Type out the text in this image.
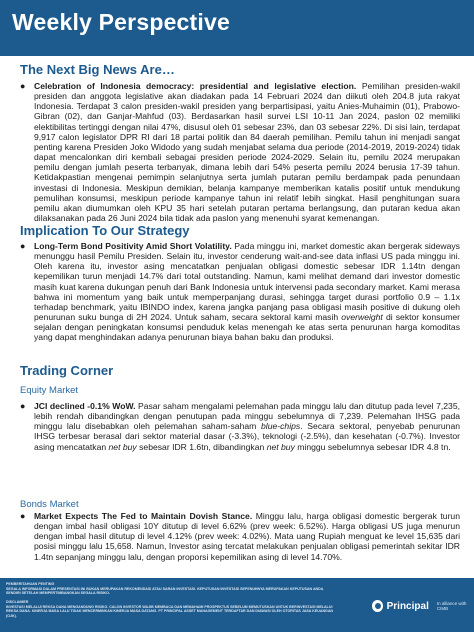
Weekly Perspective
The Next Big News Are…
● Celebration of Indonesia democracy: presidential and legislative election. Pemilihan presiden-wakil presiden dan anggota legislative akan diadakan pada 14 Februari 2024 dan diikuti oleh 204.8 juta rakyat Indonesia. Terdapat 3 calon presiden-wakil presiden yang berpartisipasi, yaitu Anies-Muhaimin (01), Prabowo-Gibran (02), dan Ganjar-Mahfud (03). Berdasarkan hasil survei LSI 10-11 Jan 2024, paslon 02 memiliki elektibilitas tertinggi dengan nilai 47%, disusul oleh 01 sebesar 23%, dan 03 sebesar 22%. Di sisi lain, terdapat 9,917 calon legislator DPR RI dari 18 partai politik dan 84 daerah pemilihan. Pemilu tahun ini menjadi sangat penting karena Presiden Joko Widodo yang sudah menjabat selama dua periode (2014-2019, 2019-2024) tidak dapat mencalonkan diri kembali sebagai presiden periode 2024-2029. Selain itu, pemilu 2024 merupakan pemilu dengan jumlah peserta terbanyak, dimana lebih dari 54% peserta pemilu 2024 berusia 17-39 tahun. Ketidakpastian mengenai pemimpin selanjutnya serta jumlah putaran pemilu berdampak pada penundaan investasi di Indonesia. Meskipun demikian, belanja kampanye memberikan katalis positif untuk mendukung pemulihan konsumsi, meskipun periode kampanye tahun ini relatif lebih singkat. Hasil penghitungan suara pemilu akan diumumkan oleh KPU 35 hari setelah putaran pertama berlangsung, dan putaran kedua akan dilaksanakan pada 26 Juni 2024 bila tidak ada paslon yang menenuhi syarat kemenangan.
Implication To Our Strategy
● Long-Term Bond Positivity Amid Short Volatility. Pada minggu ini, market domestic akan bergerak sideways menunggu hasil Pemilu Presiden. Selain itu, investor cenderung wait-and-see data inflasi US pada minggu ini. Oleh karena itu, investor asing mencatatkan penjualan obligasi domestic sebesar IDR 1.14tn dengan kepemilikan turun menjadi 14.7% dari total outstanding. Namun, kami melihat demand dari investor domestic masih kuat karena dukungan penuh dari Bank Indonesia untuk intervensi pada secondary market. Kami merasa bahwa ini momentum yang baik untuk memperpanjang durasi, sehingga target durasi portfolio 0.9 – 1.1x terhadap benchmark, yaitu IBINDO index, karena jangka panjang pasa obligasi masih positive di dukung oleh penurunan suku bunga di 2H 2024. Untuk saham, secara sektoral kami masih overweight di sektor konsumer sejalan dengan peningkatan konsumsi penduduk kelas menengah ke atas serta penurunan harga komoditas yang dapat menghindakan adanya penurunan biaya bahan baku dan produksi.
Trading Corner
Equity Market
● JCI declined -0.1% WoW. Pasar saham mengalami pelemahan pada minggu lalu dan ditutup pada level 7,235, lebih rendah dibandingkan dengan penutupan pada minggu sebelumnya di 7,239. Pelemahan IHSG pada minggu lalu disebabkan oleh pelemahan saham-saham blue-chips. Secara sektoral, penyebab penurunan IHSG terbesar berasal dari sektor material dasar (-3.3%), teknologi (-2.5%), dan kesehatan (-0.7%). Investor asing mencatatkan net buy sebesar IDR 1.6tn, dibandingkan net buy minggu sebelumnya sebesar IDR 4.8 tn.
Bonds Market
● Market Expects The Fed to Maintain Dovish Stance. Minggu lalu, harga obligasi domestic bergerak turun dengan imbal hasil obligasi 10Y ditutup di level 6.62% (prev week: 6.52%). Harga obligasi US juga menurun dengan imbal hasil ditutup di level 4.12% (prev week: 4.02%). Mata uang Rupiah menguat ke level 15,635 dari posisi minggu lalu 15,658. Namun, Investor asing tercatat melakukan penjualan obligasi pemerintah sekitar IDR 1.4tn sepanjang minggu lalu, dengan proporsi kepemilikan asing di level 14.70%.
PEMBERITAHUAN PENTING
SEGALA INFORMASI DALAM PRESENTASI INI BUKAN MERUPAKAN REKOMENDASI ATAU SARAN INVESTASI. KEPUTUSAN INVESTASI SEPENUHNYA MERUPAKAN KEPUTUSAN ANDA SENDIRI SETELAH MEMPERTIMBANGKAN SEGALA RISIKO.
DISCLAIMER
INVESTASI MELALUI REKSA DANA MENGANDUNG RISIKO. CALON INVESTOR WAJIB MEMBACA DAN MEMAHAMI PROSPEKTUS SEBELUM MEMUTUSKAN UNTUK BERINVESTASI MELALUI REKSA DANA. KINERJA MASA LALU TIDAK MENCERMINKAN KINERJA MASA DATANG. PT PRINCIPAL ASSET MANAGEMENT TERDAFTAR DAN DIAWASI OLEH OTORITAS JASA KEUANGAN (OJK).
Principal In alliance with CIMB
